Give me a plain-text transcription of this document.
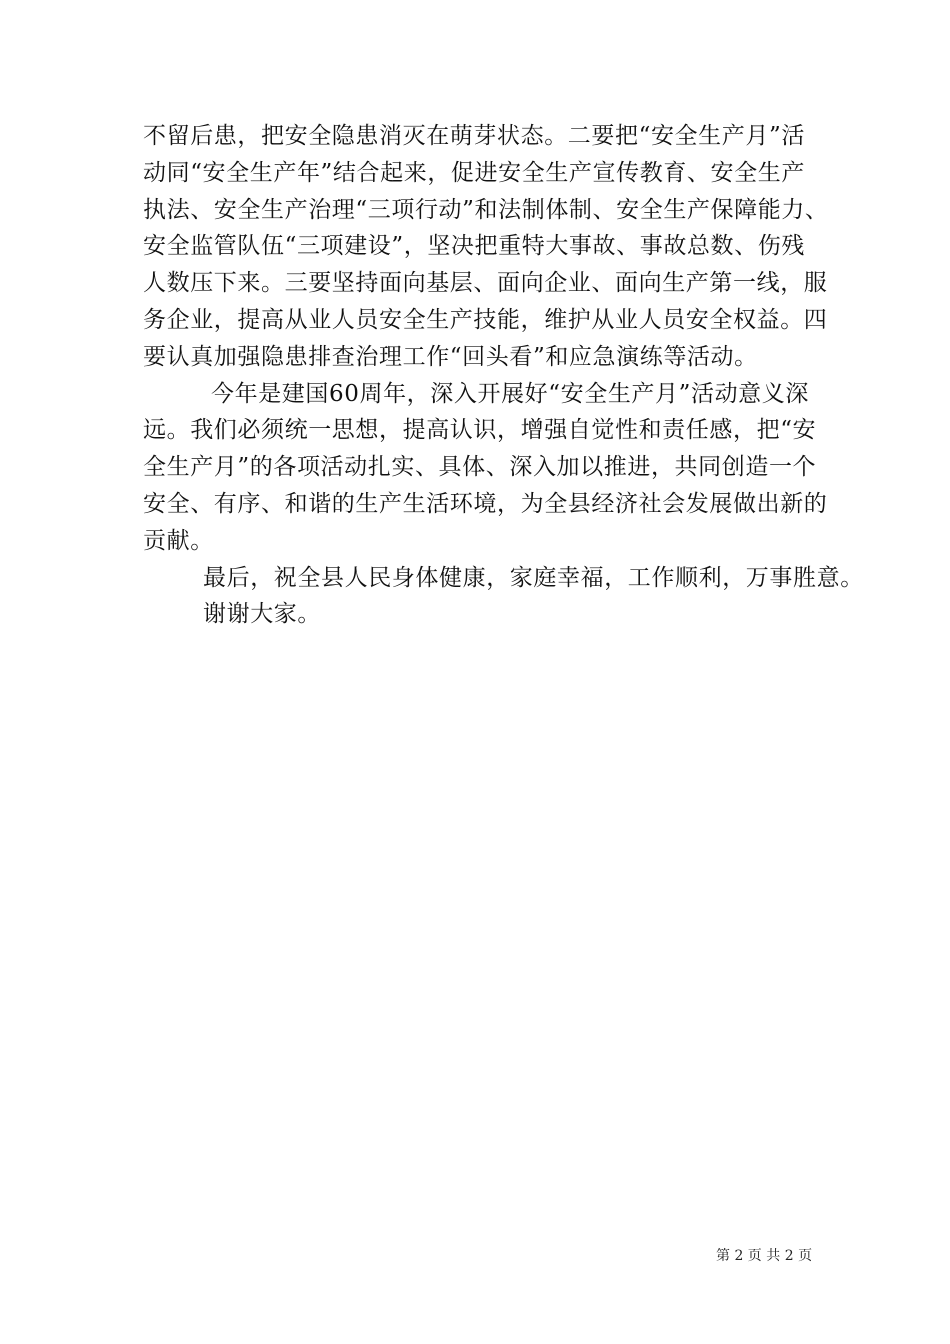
不留后患，把安全隐患消灭在萌芽状态。二要把“安全生产月”活
动同“安全生产年”结合起来，促进安全生产宣传教育、安全生产
执法、安全生产治理“三项行动”和法制体制、安全生产保障能力、
安全监管队伍“三项建设”，坚决把重特大事故、事故总数、伤残
人数压下来。三要坚持面向基层、面向企业、面向生产第一线，服
务企业，提高从业人员安全生产技能，维护从业人员安全权益。四
要认真加强隐患排查治理工作“回头看”和应急演练等活动。
今年是建国60周年，深入开展好“安全生产月”活动意义深
远。我们必须统一思想，提高认识，增强自觉性和责任感，把“安
全生产月”的各项活动扎实、具体、深入加以推进，共同创造一个
安全、有序、和谐的生产生活环境，为全县经济社会发展做出新的
贡献。
最后，祝全县人民身体健康，家庭幸福，工作顺利，万事胜意。
谢谢大家。
第 2 页 共 2 页
